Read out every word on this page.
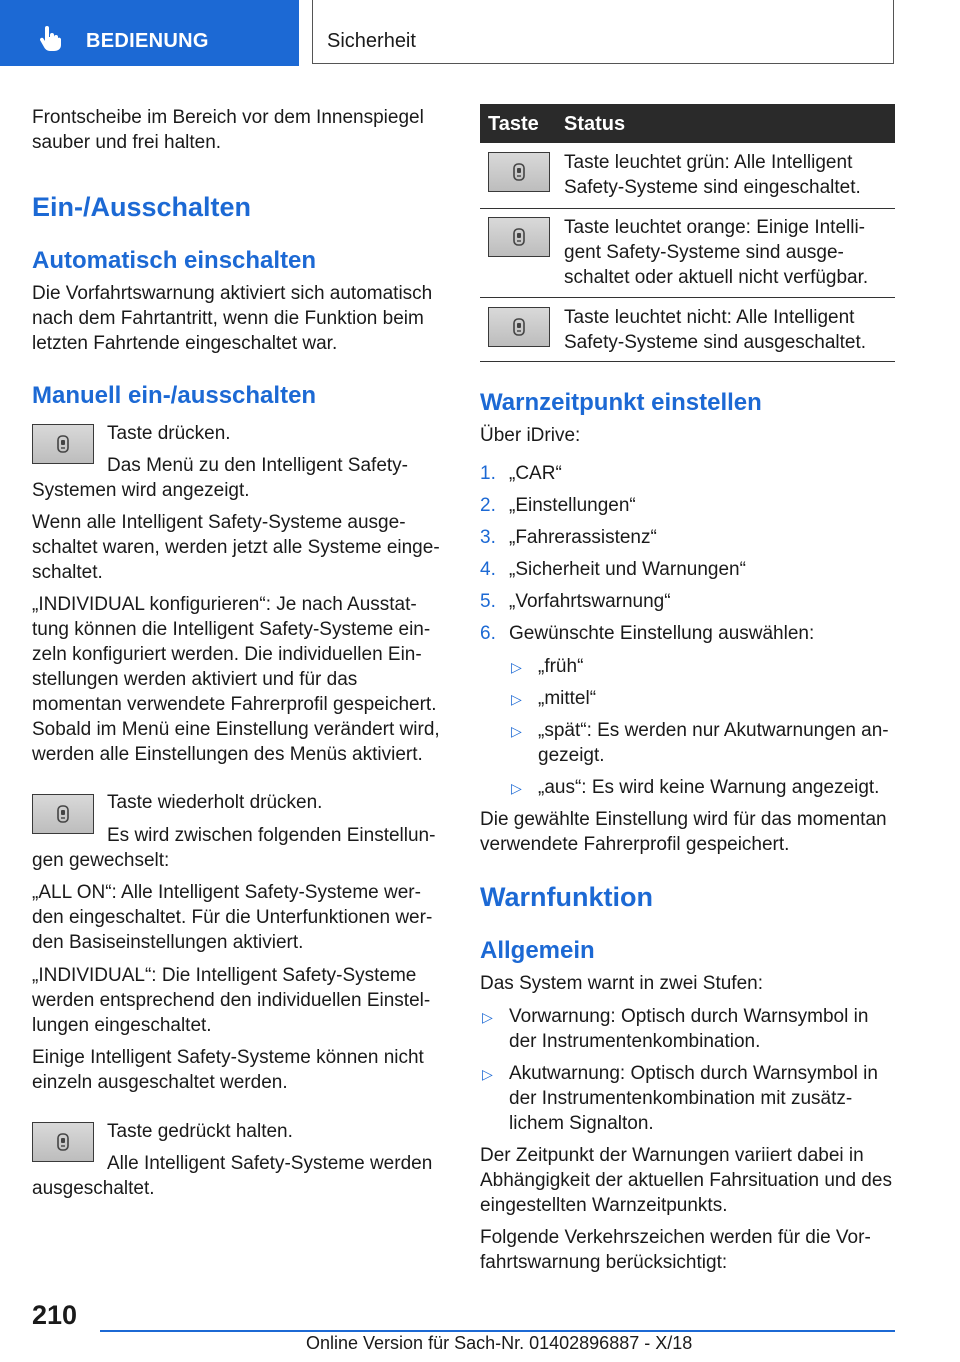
BEDIENUNG	Sicherheit

Frontscheibe im Bereich vor dem Innenspiegel sauber und frei halten.

Ein-/Ausschalten
Automatisch einschalten

Die Vorfahrtswarnung aktiviert sich automatisch nach dem Fahrtantritt, wenn die Funktion beim letzten Fahrtende eingeschaltet war.

Manuell ein-/ausschalten

Taste drücken.

Das Menü zu den Intelligent Safety-

Systemen wird angezeigt.

Wenn alle Intelligent Safety-Systeme ausge-schaltet waren, werden jetzt alle Systeme einge-schaltet.

„INDIVIDUAL konfigurieren“: Je nach Ausstat-tung können die Intelligent Safety-Systeme ein-zeln konfiguriert werden. Die individuellen Ein-stellungen werden aktiviert und für das momentan verwendete Fahrerprofil gespeichert. Sobald im Menü eine Einstellung verändert wird, werden alle Einstellungen des Menüs aktiviert.

Taste wiederholt drücken.

Es wird zwischen folgenden Einstellun-

gen gewechselt:

„ALL ON“: Alle Intelligent Safety-Systeme wer-den eingeschaltet. Für die Unterfunktionen wer-den Basiseinstellungen aktiviert.

„INDIVIDUAL“: Die Intelligent Safety-Systeme werden entsprechend den individuellen Einstel-lungen eingeschaltet.

Einige Intelligent Safety-Systeme können nicht einzeln ausgeschaltet werden.

Taste gedrückt halten.

Alle Intelligent Safety-Systeme werden

ausgeschaltet.

Taste Status

Taste leuchtet grün: Alle Intelligent Safety-Systeme sind eingeschaltet.

Taste leuchtet orange: Einige Intelli-gent Safety-Systeme sind ausge-schaltet oder aktuell nicht verfügbar.

Taste leuchtet nicht: Alle Intelligent Safety-Systeme sind ausgeschaltet.

Warnzeitpunkt einstellen

Über iDrive:

1. „CAR“
2. „Einstellungen“
3. „Fahrerassistenz“
4. „Sicherheit und Warnungen“
5. „Vorfahrtswarnung“
6. Gewünschte Einstellung auswählen:
▷ „früh“
▷ „mittel“
▷ „spät“: Es werden nur Akutwarnungen an-gezeigt.
▷ „aus“: Es wird keine Warnung angezeigt.

Die gewählte Einstellung wird für das momentan verwendete Fahrerprofil gespeichert.

Warnfunktion
Allgemein

Das System warnt in zwei Stufen:

▷ Vorwarnung: Optisch durch Warnsymbol in der Instrumentenkombination.
▷ Akutwarnung: Optisch durch Warnsymbol in der Instrumentenkombination mit zusätz-lichem Signalton.

Der Zeitpunkt der Warnungen variiert dabei in Abhängigkeit der aktuellen Fahrsituation und des eingestellten Warnzeitpunkts.

Folgende Verkehrszeichen werden für die Vor-fahrtswarnung berücksichtigt:

210
Online Version für Sach-Nr. 01402896887 - X/18
